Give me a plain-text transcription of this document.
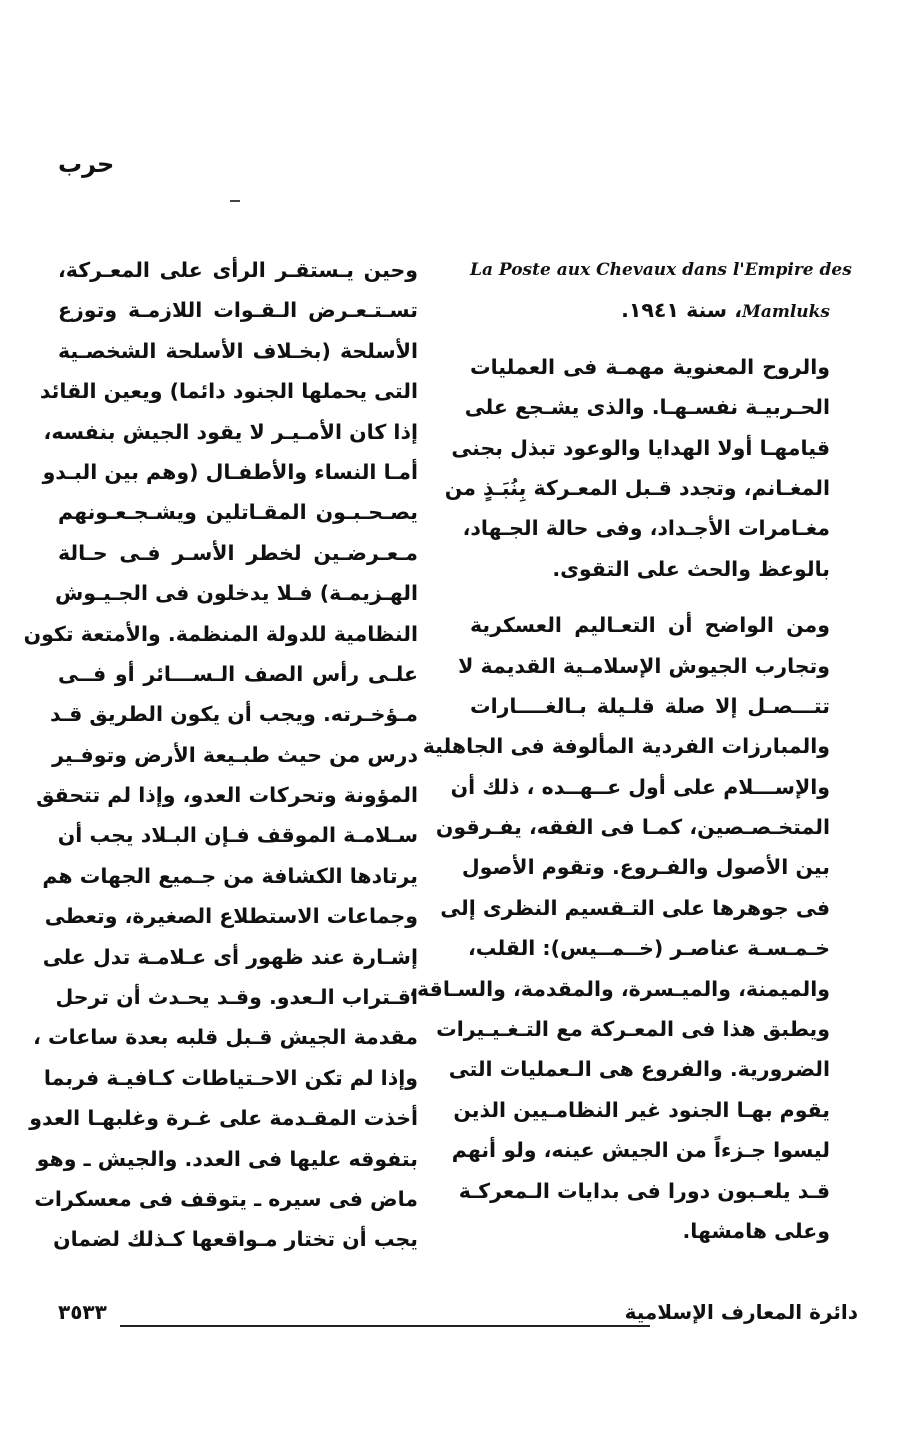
حرب
La Poste aux Chevaux dans l'Empire des
Mamluks، سنة ١٩٤١.
والروح المعنوية مهمـة فى العمليات
الحـربيـة نفسـهـا. والذى يشـجع على
قيامهـا أولا الهدايا والوعود تبذل بجنى
المغـانم، وتجدد قـبل المعـركة بِنُبَـذٍ من
مغـامرات الأجـداد، وفى حالة الجـهاد،
بالوعظ والحث على التقوى.
ومن الواضح أن التعـاليم العسكرية
وتجارب الجيوش الإسلامـية القديمة لا
تتـــصـل إلا صلة قلـيلة بـالغــــارات
والمبارزات الفردية المألوفة فى الجاهلية
والإســـلام على أول عــهــده ، ذلك أن
المتخـصـصين، كمـا فى الفقه، يفـرقون
بين الأصول والفـروع. وتقوم الأصول
فى جوهرها على التـقسيم النظرى إلى
خـمـسـة عناصـر (خــمــيس): القلب،
والميمنة، والميـسرة، والمقدمة، والسـاقة،
ويطبق هذا فى المعـركة مع التـغـيـيرات
الضرورية. والفروع هى الـعمليات التى
يقوم بهـا الجنود غير النظامـيين الذين
ليسوا جـزءاً من الجيش عينه، ولو أنهم
قـد يلعـبون دورا فى بدايات الـمعركـة
وعلى هامشها.
وحين يـستقـر الرأى على المعـركة،
تسـتـعـرض الـقـوات اللازمـة وتوزع
الأسلحة (بخـلاف الأسلحة الشخصـية
التى يحملها الجنود دائما) ويعين القائد
إذا كان الأمـيـر لا يقود الجيش بنفسه،
أمـا النساء والأطفـال (وهم بين البـدو
يصـحـبـون المقـاتلين ويشـجـعـونهم
مـعـرضـين لخطر الأسـر فـى حـالة
الهـزيمـة) فـلا يدخلون فى الجـيـوش
النظامية للدولة المنظمة. والأمتعة تكون
علـى رأس الصف الـســـائر أو فــى
مـؤخـرته. ويجب أن يكون الطريق قـد
درس من حيث طبـيعة الأرض وتوفـير
المؤونة وتحركات العدو، وإذا لم تتحقق
سـلامـة الموقف فـإن البـلاد يجب أن
يرتادها الكشافة من جـميع الجهات هم
وجماعات الاستطلاع الصغيرة، وتعطى
إشـارة عند ظهور أى عـلامـة تدل على
اقـتراب الـعدو. وقـد يحـدث أن ترحل
مقدمة الجيش قـبل قلبه بعدة ساعات ،
وإذا لم تكن الاحـتياطات كـافيـة فربما
أخذت المقـدمة على غـرة وغلبهـا العدو
بتفوقه عليها فى العدد. والجيش ـ وهو
ماض فى سيره ـ يتوقف فى معسكرات
يجب أن تختار مـواقعها كـذلك لضمان
دائرة المعارف الإسلامية
٣٥٣٣
